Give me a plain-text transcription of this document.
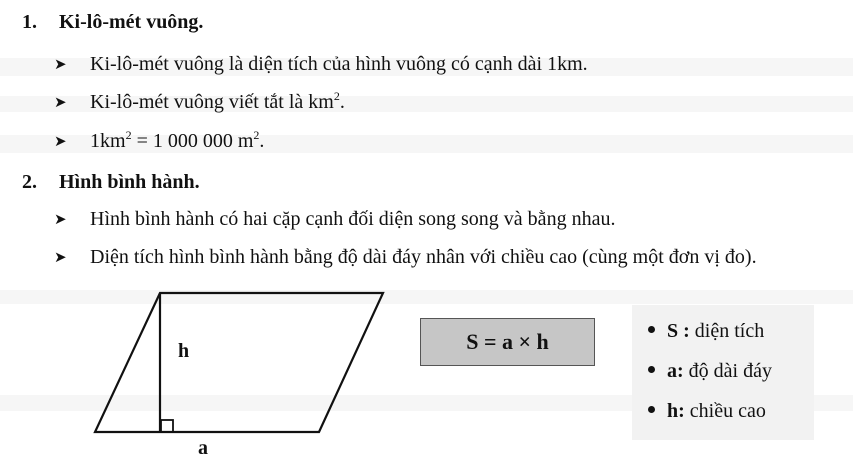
1. Ki-lô-mét vuông.
➤ Ki-lô-mét vuông là diện tích của hình vuông có cạnh dài 1km.
➤ Ki-lô-mét vuông viết tắt là $km^2$.
➤ $1km^2 = 1$ 000 000 $m^2$.
2. Hình bình hành.
➤ Hình bình hành có hai cặp cạnh đối diện song song và bằng nhau.
➤ Diện tích hình bình hành bằng độ dài đáy nhân với chiều cao (cùng một đơn vị đo).
h
a
S = a × h	S : diện tích
a: độ dài đáy
h: chiều cao
